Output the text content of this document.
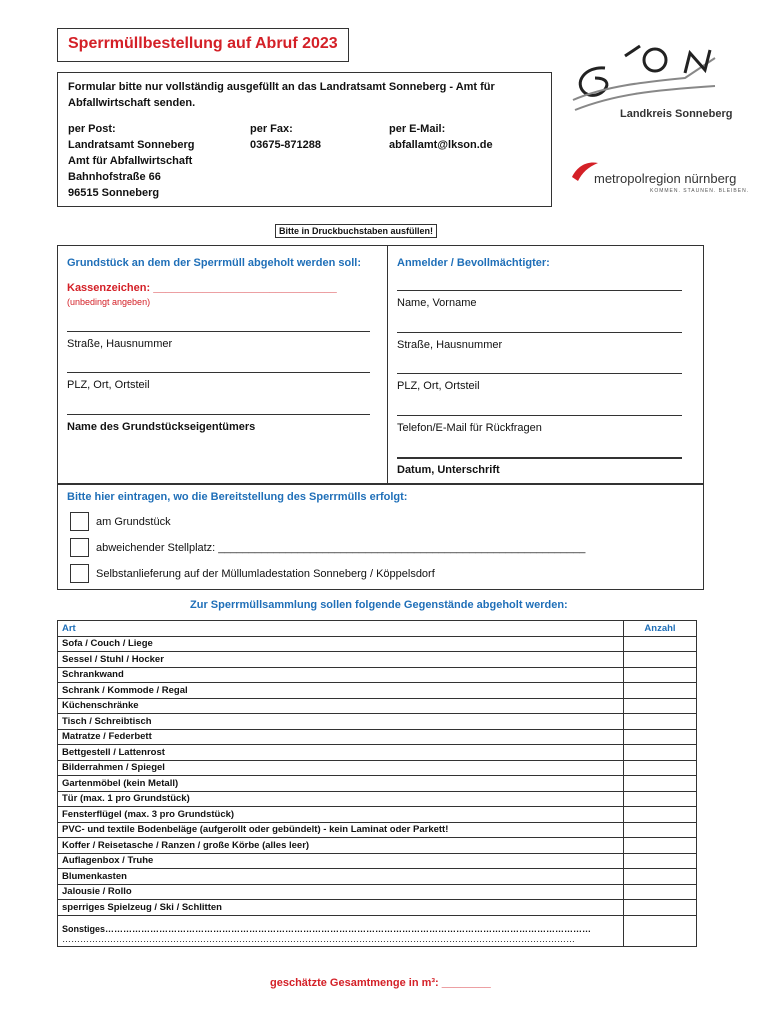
Sperrmüllbestellung auf Abruf 2023
Formular bitte nur vollständig ausgefüllt an das Landratsamt Sonneberg - Amt für
Abfallwirtschaft senden.
per Post:
Landratsamt Sonneberg
Amt für Abfallwirtschaft
Bahnhofstraße 66
96515 Sonneberg
per Fax:
03675-871288
per E-Mail:
abfallamt@lkson.de
Landkreis Sonneberg
metropolregion nürnberg
KOMMEN. STAUNEN. BLEIBEN.
Bitte in Druckbuchstaben ausfüllen!
Grundstück an dem der Sperrmüll abgeholt werden soll:
Kassenzeichen: ______________________________
(unbedingt angeben)
Straße, Hausnummer
PLZ, Ort, Ortsteil
Name des Grundstückseigentümers
Anmelder / Bevollmächtigter:
Name, Vorname
Straße, Hausnummer
PLZ, Ort, Ortsteil
Telefon/E-Mail für Rückfragen
Datum, Unterschrift
Bitte hier eintragen, wo die Bereitstellung des Sperrmülls erfolgt:
am Grundstück
abweichender Stellplatz: ____________________________________________________________
Selbstanlieferung auf der Müllumladestation Sonneberg / Köppelsdorf
Zur Sperrmüllsammlung sollen folgende Gegenstände abgeholt werden:
Art	Anzahl
Sofa / Couch / Liege	
Sessel / Stuhl / Hocker	
Schrankwand	
Schrank / Kommode / Regal	
Küchenschränke	
Tisch / Schreibtisch	
Matratze / Federbett	
Bettgestell / Lattenrost	
Bilderrahmen / Spiegel	
Gartenmöbel (kein Metall)	
Tür (max. 1 pro Grundstück)	
Fensterflügel (max. 3 pro Grundstück)	
PVC- und textile Bodenbeläge (aufgerollt oder gebündelt) - kein Laminat oder Parkett!	
Koffer / Reisetasche / Ranzen / große Körbe (alles leer)	
Auflagenbox / Truhe	
Blumenkasten	
Jalousie / Rollo	
sperriges Spielzeug / Ski / Schlitten	

Sonstiges………………………………………………………………………………………………………………………………………………
………………………………………………………………………………………………………………………………………………………	

geschätzte Gesamtmenge in m³: ________
